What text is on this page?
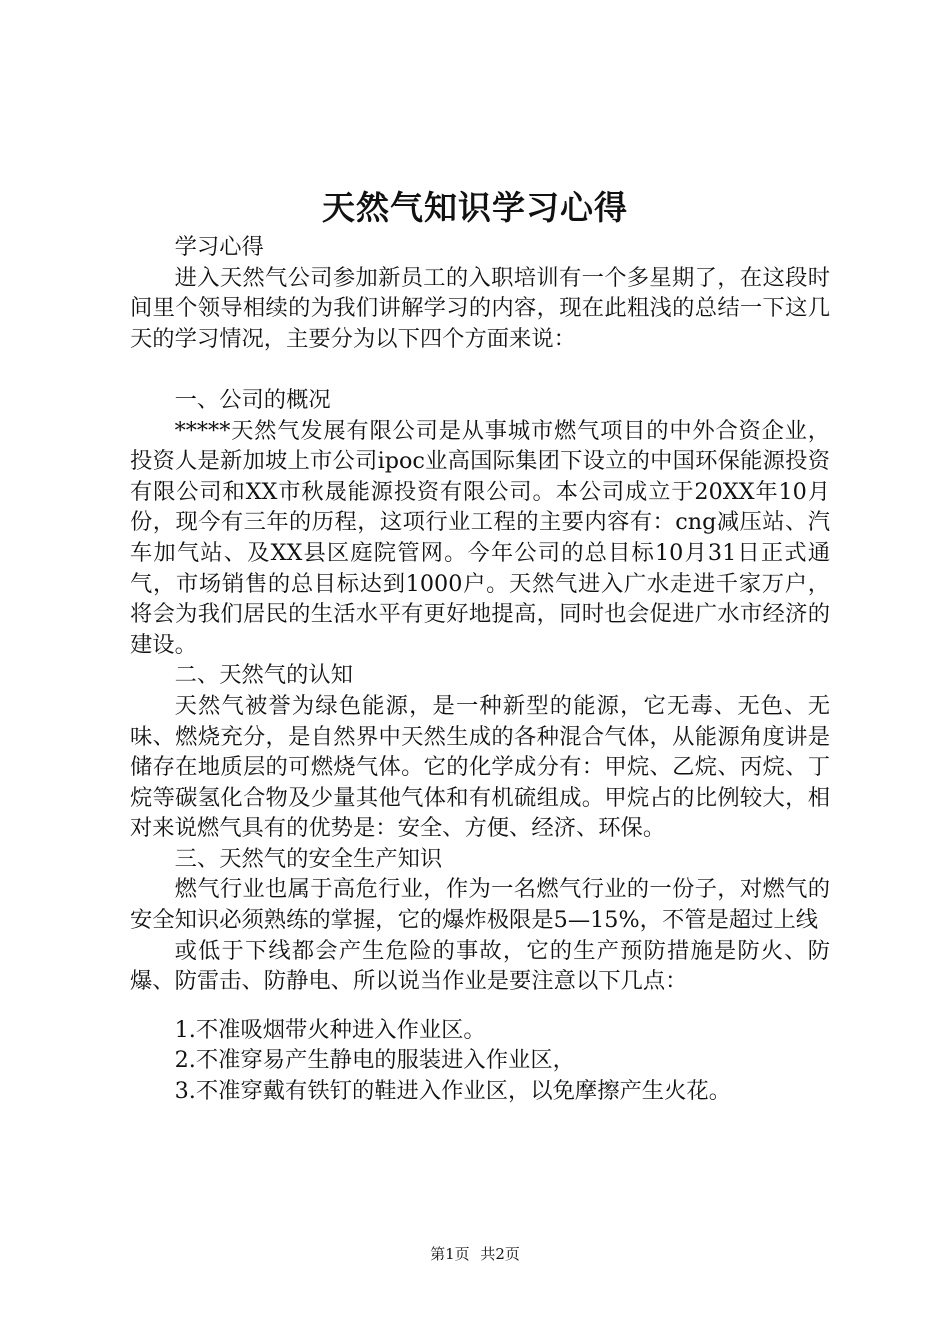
天然气知识学习心得

学习心得

进入天然气公司参加新员工的入职培训有一个多星期了，在这段时间里个领导相续的为我们讲解学习的内容，现在此粗浅的总结一下这几天的学习情况，主要分为以下四个方面来说：

一、公司的概况

*****天然气发展有限公司是从事城市燃气项目的中外合资企业，投资人是新加坡上市公司ipoc业高国际集团下设立的中国环保能源投资有限公司和XX市秋晟能源投资有限公司。本公司成立于20XX年10月份，现今有三年的历程，这项行业工程的主要内容有：cng减压站、汽车加气站、及XX县区庭院管网。今年公司的总目标10月31日正式通气，市场销售的总目标达到1000户。天然气进入广水走进千家万户，将会为我们居民的生活水平有更好地提高，同时也会促进广水市经济的建设。

二、天然气的认知

天然气被誉为绿色能源，是一种新型的能源，它无毒、无色、无味、燃烧充分，是自然界中天然生成的各种混合气体，从能源角度讲是储存在地质层的可燃烧气体。它的化学成分有：甲烷、乙烷、丙烷、丁烷等碳氢化合物及少量其他气体和有机硫组成。甲烷占的比例较大，相对来说燃气具有的优势是：安全、方便、经济、环保。

三、天然气的安全生产知识

燃气行业也属于高危行业，作为一名燃气行业的一份子，对燃气的安全知识必须熟练的掌握，它的爆炸极限是5—15%，不管是超过上线

或低于下线都会产生危险的事故，它的生产预防措施是防火、防爆、防雷击、防静电、所以说当作业是要注意以下几点：

1.不准吸烟带火种进入作业区。

2.不准穿易产生静电的服装进入作业区，

3.不准穿戴有铁钉的鞋进入作业区，以免摩擦产生火花。

第1页 共2页
